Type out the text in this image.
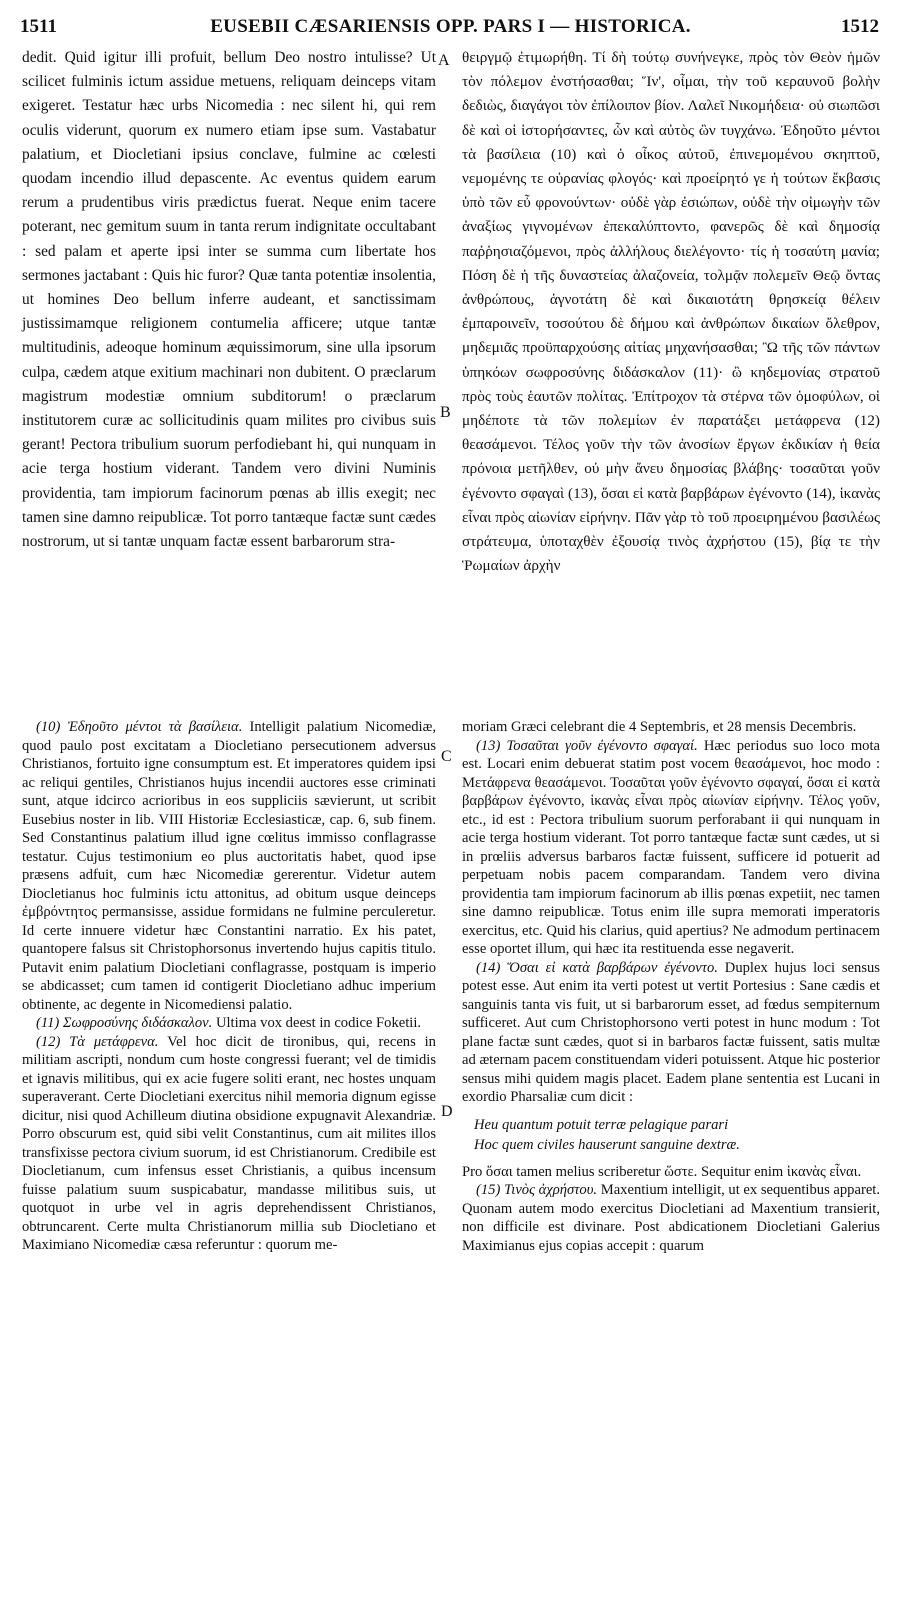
1511	EUSEBII CÆSARIENSIS OPP. PARS I — HISTORICA.	1512
A
B
C
D
dedit. Quid igitur illi profuit, bellum Deo nostro intulisse? Ut scilicet fulminis ictum assidue metuens, reliquam deinceps vitam exigeret. Testatur hæc urbs Nicomedia : nec silent hi, qui rem oculis viderunt, quorum ex numero etiam ipse sum. Vastabatur palatium, et Diocletiani ipsius conclave, fulmine ac cœlesti quodam incendio illud depascente. Ac eventus quidem earum rerum a prudentibus viris prædictus fuerat. Neque enim tacere poterant, nec gemitum suum in tanta rerum indignitate occultabant : sed palam et aperte ipsi inter se summa cum libertate hos sermones jactabant : Quis hic furor? Quæ tanta potentiæ insolentia, ut homines Deo bellum inferre audeant, et sanctissimam justissimamque religionem contumelia afficere; utque tantæ multitudinis, adeoque hominum æquissimorum, sine ulla ipsorum culpa, cædem atque exitium machinari non dubitent. O præclarum magistrum modestiæ omnium subditorum! o præclarum institutorem curæ ac sollicitudinis quam milites pro civibus suis gerant! Pectora tribulium suorum perfodiebant hi, qui nunquam in acie terga hostium viderant. Tandem vero divini Numinis providentia, tam impiorum facinorum pœnas ab illis exegit; nec tamen sine damno reipublicæ. Tot porro tantæque factæ sunt cædes nostrorum, ut si tantæ unquam factæ essent barbarorum stra-
θειργμῷ ἐτιμωρήθη. Τί δὴ τούτῳ συνήνεγκε, πρὸς τὸν Θεὸν ἡμῶν τὸν πόλεμον ἐνστήσασθαι; Ἵν', οἶμαι, τὴν τοῦ κεραυνοῦ βολὴν δεδιὼς, διαγάγοι τὸν ἐπίλοιπον βίον. Λαλεῖ Νικομήδεια· οὐ σιωπῶσι δὲ καὶ οἱ ἱστορήσαντες, ὧν καὶ αὐτὸς ὢν τυγχάνω. Ἐδηοῦτο μέντοι τὰ βασίλεια (10) καὶ ὁ οἶκος αὐτοῦ, ἐπινεμομένου σκηπτοῦ, νεμομένης τε οὐρανίας φλογός· καὶ προείρητό γε ἡ τούτων ἔκβασις ὑπὸ τῶν εὖ φρονούντων· οὐδὲ γὰρ ἐσιώπων, οὐδὲ τὴν οἰμωγὴν τῶν ἀναξίως γιγνομένων ἐπεκαλύπτοντο, φανερῶς δὲ καὶ δημοσίᾳ παῤῥησιαζόμενοι, πρὸς ἀλλήλους διελέγοντο· τίς ἡ τοσαύτη μανία; Πόση δὲ ἡ τῆς δυναστείας ἀλαζονεία, τολμᾷν πολεμεῖν Θεῷ ὄντας ἀνθρώπους, ἁγνοτάτη δὲ καὶ δικαιοτάτη θρησκείᾳ θέλειν ἐμπαροινεῖν, τοσούτου δὲ δήμου καὶ ἀνθρώπων δικαίων ὄλεθρον, μηδεμιᾶς προϋπαρχούσης αἰτίας μηχανήσασθαι; Ὢ τῆς τῶν πάντων ὑπηκόων σωφροσύνης διδάσκαλον (11)· ὢ κηδεμονίας στρατοῦ πρὸς τοὺς ἑαυτῶν πολίτας. Ἐπίτροχον τὰ στέρνα τῶν ὁμοφύλων, οἱ μηδέποτε τὰ τῶν πολεμίων ἐν παρατάξει μετάφρενα (12) θεασάμενοι. Τέλος γοῦν τὴν τῶν ἀνοσίων ἔργων ἐκδικίαν ἡ θεία πρόνοια μετῆλθεν, οὐ μὴν ἄνευ δημοσίας βλάβης· τοσαῦται γοῦν ἐγένοντο σφαγαὶ (13), ὅσαι εἰ κατὰ βαρβάρων ἐγένοντο (14), ἱκανὰς εἶναι πρὸς αἰωνίαν εἰρήνην. Πᾶν γὰρ τὸ τοῦ προειρημένου βασιλέως στράτευμα, ὑποταχθὲν ἐξουσίᾳ τινὸς ἀχρήστου (15), βίᾳ τε τὴν Ῥωμαίων ἀρχὴν

(10) Ἐδηοῦτο μέντοι τὰ βασίλεια. Intelligit palatium Nicomediæ, quod paulo post excitatam a Diocletiano persecutionem adversus Christianos, fortuito igne consumptum est. Et imperatores quidem ipsi ac reliqui gentiles, Christianos hujus incendii auctores esse criminati sunt, atque idcirco acrioribus in eos suppliciis sævierunt, ut scribit Eusebius noster in lib. VIII Historiæ Ecclesiasticæ, cap. 6, sub finem. Sed Constantinus palatium illud igne cœlitus immisso conflagrasse testatur. Cujus testimonium eo plus auctoritatis habet, quod ipse præsens adfuit, cum hæc Nicomediæ gererentur. Videtur autem Diocletianus hoc fulminis ictu attonitus, ad obitum usque deinceps ἐμβρόντητος permansisse, assidue formidans ne fulmine perculeretur. Id certe innuere videtur hæc Constantini narratio. Ex his patet, quantopere falsus sit Christophorsonus invertendo hujus capitis titulo. Putavit enim palatium Diocletiani conflagrasse, postquam is imperio se abdicasset; cum tamen id contigerit Diocletiano adhuc imperium obtinente, ac degente in Nicomediensi palatio.

(11) Σωφροσύνης διδάσκαλον. Ultima vox deest in codice Foketii.

(12) Τὰ μετάφρενα. Vel hoc dicit de tironibus, qui, recens in militiam ascripti, nondum cum hoste congressi fuerant; vel de timidis et ignavis militibus, qui ex acie fugere soliti erant, nec hostes unquam superaverant. Certe Diocletiani exercitus nihil memoria dignum egisse dicitur, nisi quod Achilleum diutina obsidione expugnavit Alexandriæ. Porro obscurum est, quid sibi velit Constantinus, cum ait milites illos transfixisse pectora civium suorum, id est Christianorum. Credibile est Diocletianum, cum infensus esset Christianis, a quibus incensum fuisse palatium suum suspicabatur, mandasse militibus suis, ut quotquot in urbe vel in agris deprehendissent Christianos, obtruncarent. Certe multa Christianorum millia sub Diocletiano et Maximiano Nicomediæ cæsa referuntur : quorum me-

moriam Græci celebrant die 4 Septembris, et 28 mensis Decembris.

(13) Τοσαῦται γοῦν ἐγένοντο σφαγαί. Hæc periodus suo loco mota est. Locari enim debuerat statim post vocem θεασάμενοι, hoc modo : Μετάφρενα θεασάμενοι. Τοσαῦται γοῦν ἐγένοντο σφαγαί, ὅσαι εἰ κατὰ βαρβάρων ἐγένοντο, ἱκανὰς εἶναι πρὸς αἰωνίαν εἰρήνην. Τέλος γοῦν, etc., id est : Pectora tribulium suorum perforabant ii qui nunquam in acie terga hostium viderant. Tot porro tantæque factæ sunt cædes, ut si in prœliis adversus barbaros factæ fuissent, sufficere id potuerit ad perpetuam nobis pacem comparandam. Tandem vero divina providentia tam impiorum facinorum ab illis pœnas expetiit, nec tamen sine damno reipublicæ. Totus enim ille supra memorati imperatoris exercitus, etc. Quid his clarius, quid apertius? Ne admodum pertinacem esse oportet illum, qui hæc ita restituenda esse negaverit.

(14) Ὅσαι εἰ κατὰ βαρβάρων ἐγένοντο. Duplex hujus loci sensus potest esse. Aut enim ita verti potest ut vertit Portesius : Sane cædis et sanguinis tanta vis fuit, ut si barbarorum esset, ad fœdus sempiternum sufficeret. Aut cum Christophorsono verti potest in hunc modum : Tot plane factæ sunt cædes, quot si in barbaros factæ fuissent, satis multæ ad æternam pacem constituendam videri potuissent. Atque hic posterior sensus mihi quidem magis placet. Eadem plane sententia est Lucani in exordio Pharsaliæ cum dicit :

Heu quantum potuit terræ pelagique parari
Hoc quem civiles hauserunt sanguine dextræ.

Pro ὅσαι tamen melius scriberetur ὥστε. Sequitur enim ἱκανὰς εἶναι.

(15) Τινὸς ἀχρήστου. Maxentium intelligit, ut ex sequentibus apparet. Quonam autem modo exercitus Diocletiani ad Maxentium transierit, non difficile est divinare. Post abdicationem Diocletiani Galerius Maximianus ejus copias accepit : quarum
